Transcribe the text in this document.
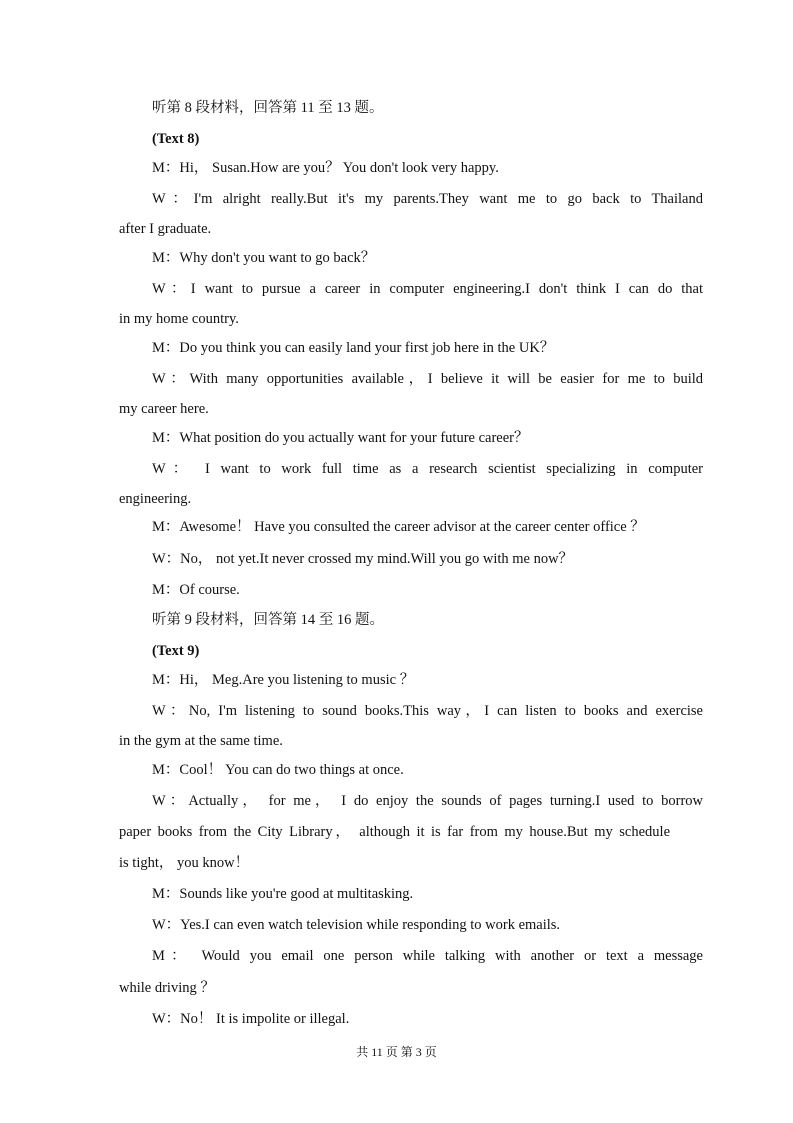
听第 8 段材料，回答第 11 至 13 题。
(Text 8)
M：Hi， Susan.How are you？ You don't look very happy.
W：I'm alright really.But it's my parents.They want me to go back to Thailand
after I graduate.
M：Why don't you want to go back？
W：I want to pursue a career in computer engineering.I don't think I can do that
in my home country.
M：Do you think you can easily land your first job here in the UK？
W：With many opportunities available，I believe it will be easier for me to build
my career here.
M：What position do you actually want for your future career？
W： I want to work full time as a research scientist specializing in computer
engineering.
M：Awesome！ Have you consulted the career advisor at the career center office ？
W：No， not yet.It never crossed my mind.Will you go with me now？
M：Of course.
听第 9 段材料，回答第 14 至 16 题。
(Text 9)
M：Hi， Meg.Are you listening to music ？
W：No, I'm listening to sound books.This way，I can listen to books and exercise
in the gym at the same time.
M：Cool！ You can do two things at once.
W：Actually， for me， I do enjoy the sounds of pages turning.I used to borrow
paper books from the City Library， although it is far from my house.But my schedule
is tight， you know！
M：Sounds like you're good at multitasking.
W：Yes.I can even watch television while responding to work emails.
M： Would you email one person while talking with another or text a message
while driving ？
W：No！ It is impolite or illegal.
共 11 页 第 3 页
